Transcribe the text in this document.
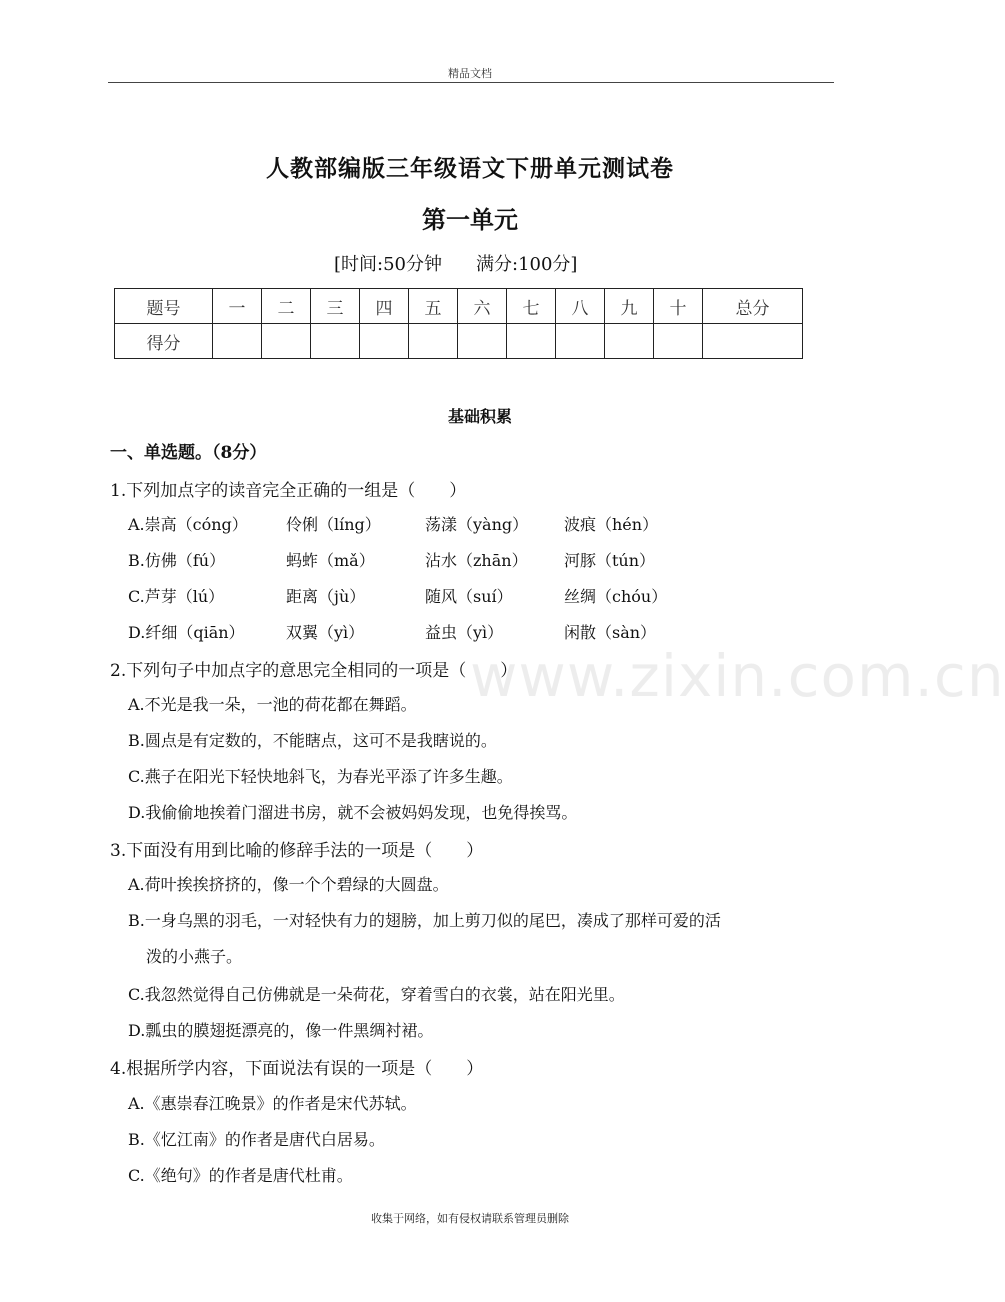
精品文档
www.zixin.com.cn
人教部编版三年级语文下册单元测试卷
第一单元
[时间:50分钟 满分:100分]
题号	一	二	三	四	五	六	七	八	九	十	总分
得分											
基础积累
一、单选题。（8分）
1.下列加点字的读音完全正确的一组是（　　）
A.崇高（cóng） 伶俐（líng）	荡漾（yàng） 波痕（hén）
B.仿佛（fú）	蚂蚱（mǎ）	沾水（zhān） 河豚（tún）
C.芦芽（lú）	距离（jù）	随风（suí）	丝绸（chóu）
D.纤细（qiān）	双翼（yì）	益虫（yì）	闲散（sàn）
2.下列句子中加点字的意思完全相同的一项是（　　）
A.不光是我一朵，一池的荷花都在舞蹈。
B.圆点是有定数的，不能瞎点，这可不是我瞎说的。
C.燕子在阳光下轻快地斜飞，为春光平添了许多生趣。
D.我偷偷地挨着门溜进书房，就不会被妈妈发现，也免得挨骂。
3.下面没有用到比喻的修辞手法的一项是（　　）
A.荷叶挨挨挤挤的，像一个个碧绿的大圆盘。
B.一身乌黑的羽毛，一对轻快有力的翅膀，加上剪刀似的尾巴，凑成了那样可爱的活
泼的小燕子。
C.我忽然觉得自己仿佛就是一朵荷花，穿着雪白的衣裳，站在阳光里。
D.瓢虫的膜翅挺漂亮的，像一件黑绸衬裙。
4.根据所学内容，下面说法有误的一项是（　　）
A.《惠崇春江晚景》的作者是宋代苏轼。
B.《忆江南》的作者是唐代白居易。
C.《绝句》的作者是唐代杜甫。
收集于网络，如有侵权请联系管理员删除
